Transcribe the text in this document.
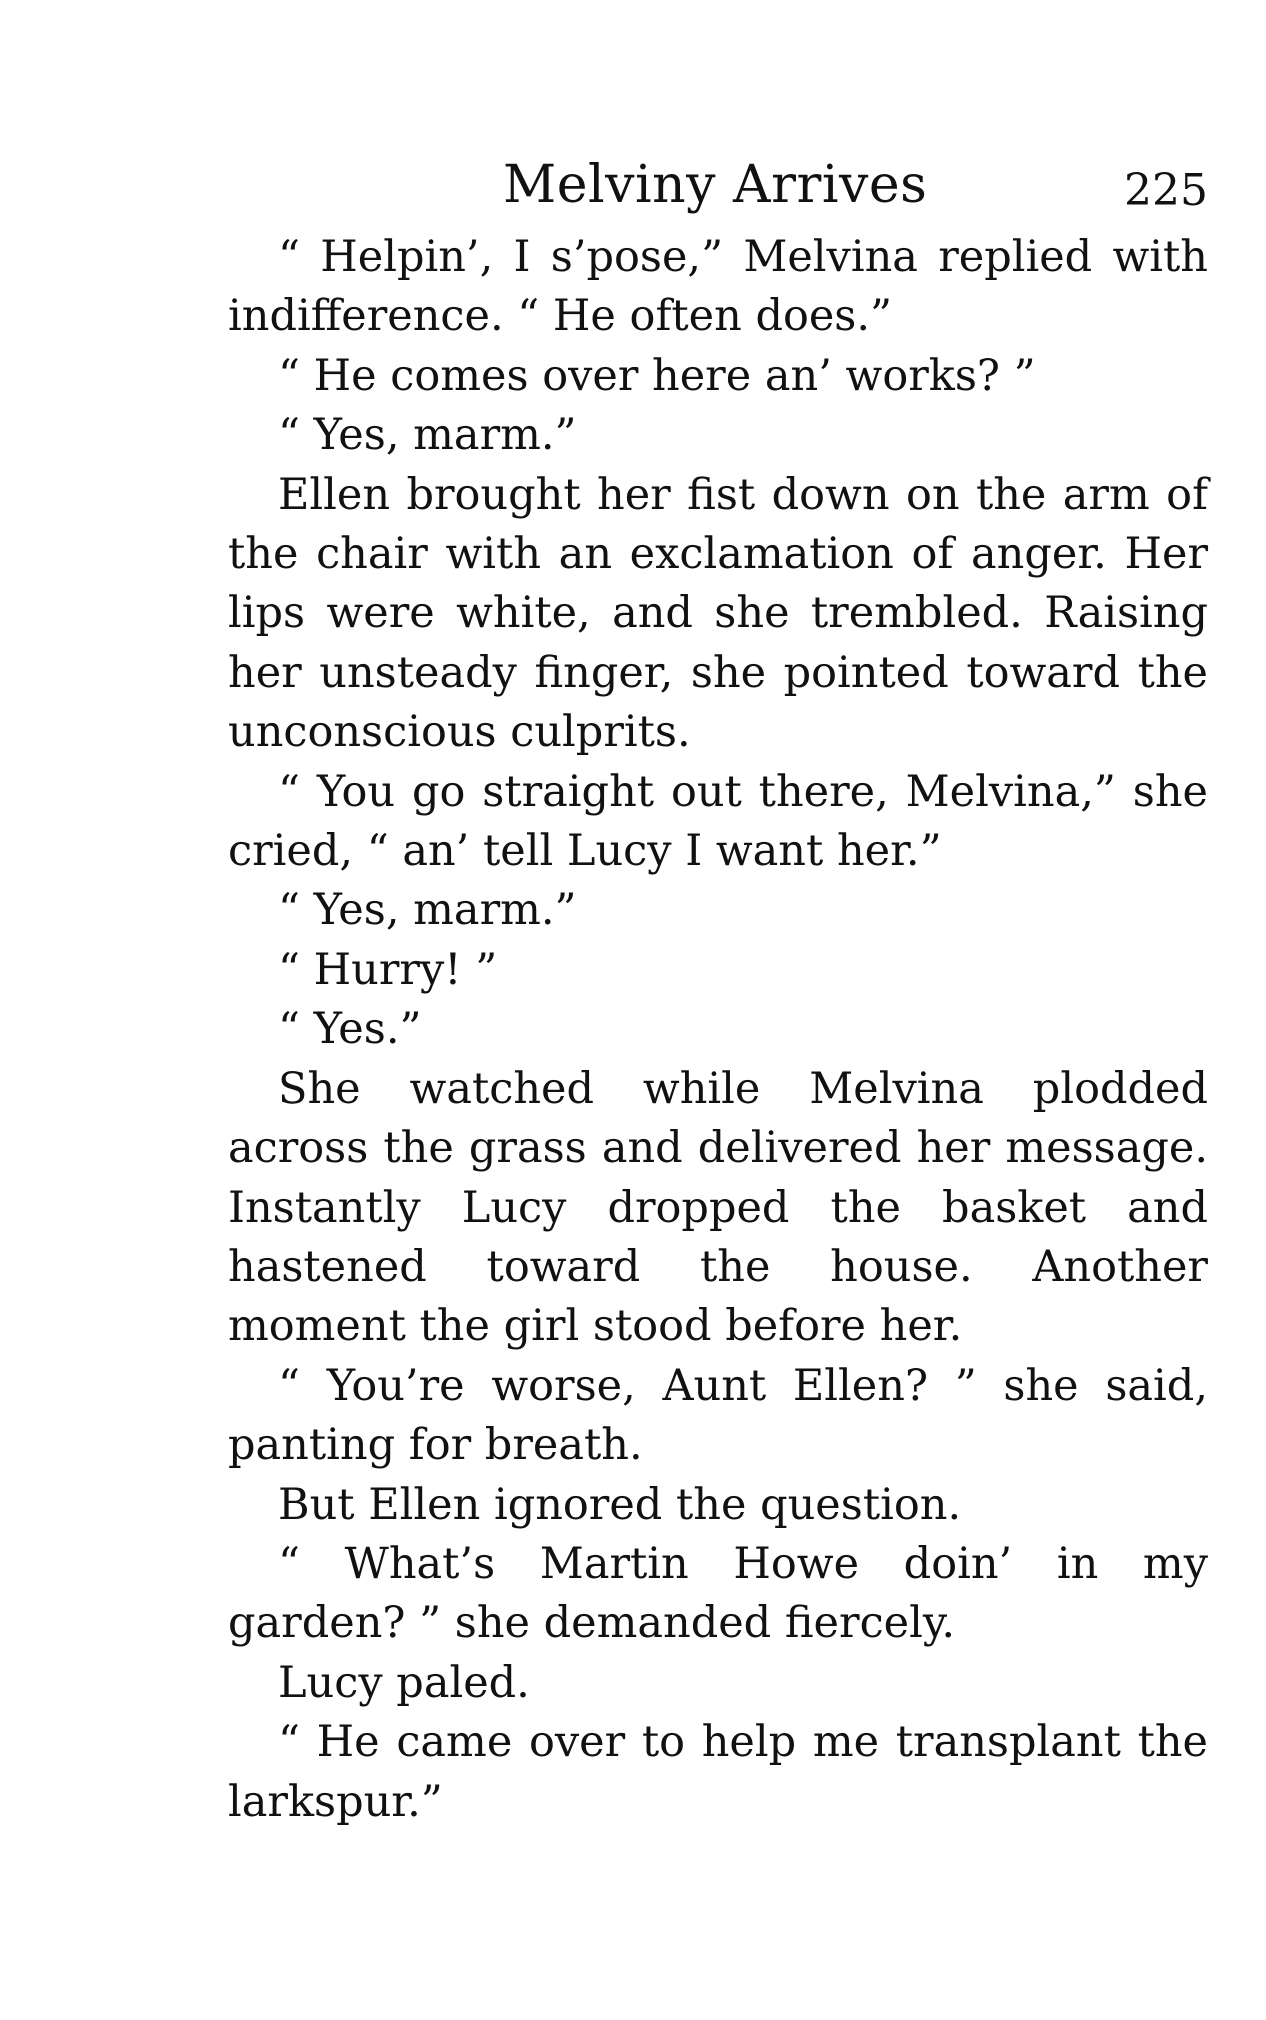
Melviny Arrives	225

“ Helpin’, I s’pose,” Melvina replied with indifference. “ He often does.”

“ He comes over here an’ works? ”

“ Yes, marm.”

Ellen brought her fist down on the arm of the chair with an exclamation of anger. Her lips were white, and she trembled. Raising her unsteady finger, she pointed toward the unconscious culprits.

“ You go straight out there, Melvina,” she cried, “ an’ tell Lucy I want her.”

“ Yes, marm.”

“ Hurry! ”

“ Yes.”

She watched while Melvina plodded across the grass and delivered her message. Instantly Lucy dropped the basket and hastened toward the house. Another moment the girl stood before her.

“ You’re worse, Aunt Ellen? ” she said, panting for breath.

But Ellen ignored the question.

“ What’s Martin Howe doin’ in my garden? ” she demanded fiercely.

Lucy paled.

“ He came over to help me transplant the larkspur.”
